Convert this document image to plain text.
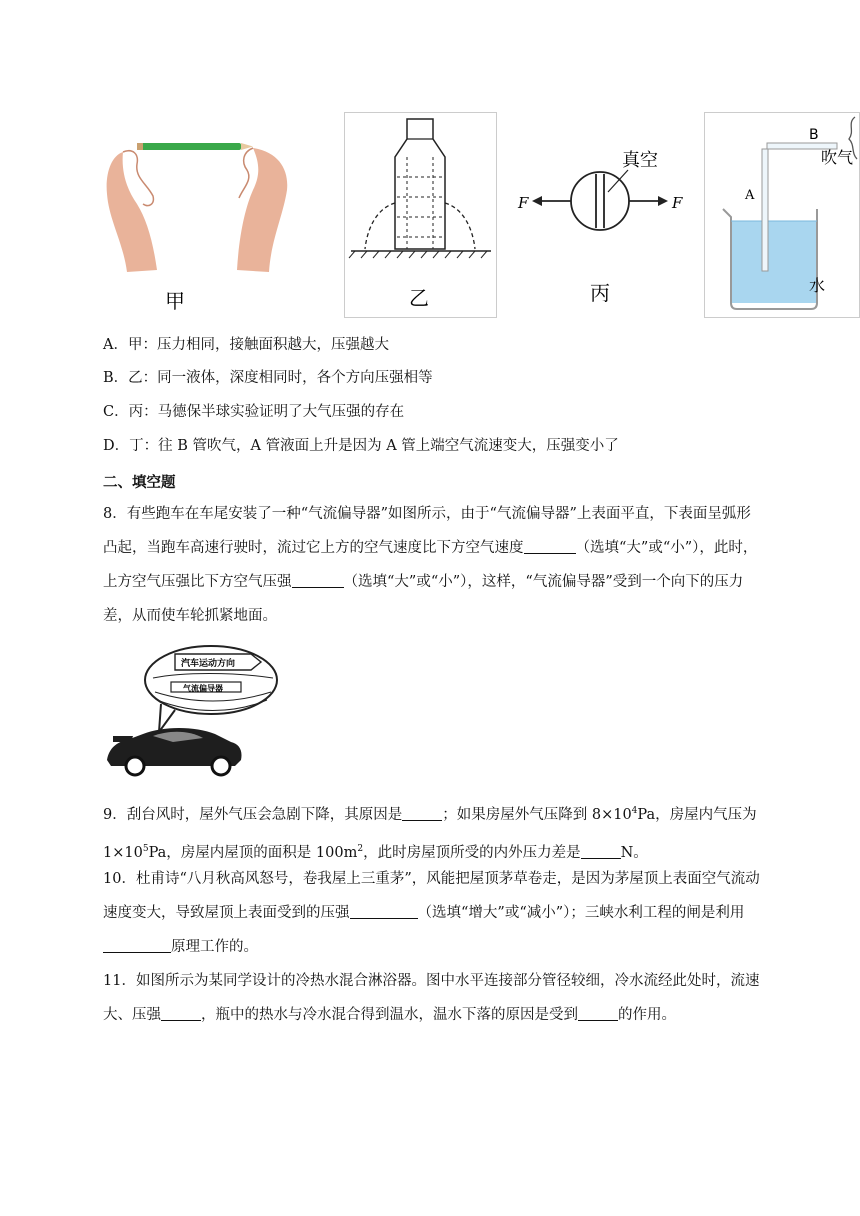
甲	乙
F	F
真空
丙
B
A
吹气
水
A．甲：压力相同，接触面积越大，压强越大
B．乙：同一液体，深度相同时，各个方向压强相等
C．丙：马德保半球实验证明了大气压强的存在
D．丁：往 B 管吹气，A 管液面上升是因为 A 管上端空气流速变大，压强变小了
二、填空题
8．有些跑车在车尾安装了一种“气流偏导器”如图所示，由于“气流偏导器”上表面平直，下表面呈弧形凸起，当跑车高速行驶时，流过它上方的空气速度比下方空气速度	（选填“大”或“小”），此时，上方空气压强比下方空气压强	（选填“大”或“小”），这样，“气流偏导器”受到一个向下的压力差，从而使车轮抓紧地面。
汽车运动方向
气流偏导器
9．刮台风时，屋外气压会急剧下降，其原因是	；如果房屋外气压降到 $8\times 10^4Pa$，房屋内气压为 $1\times 10^5Pa$，房屋内屋顶的面积是 $100m^2$，此时房屋顶所受的内外压力差是	N。
10．杜甫诗“八月秋高风怒号，卷我屋上三重茅”，风能把屋顶茅草卷走，是因为茅屋顶上表面空气流动速度变大，导致屋顶上表面受到的压强	（选填“增大”或“减小”）；三峡水利工程的闸是利用原理工作的。
11．如图所示为某同学设计的冷热水混合淋浴器。图中水平连接部分管径较细，冷水流经此处时，流速大、压强	，瓶中的热水与冷水混合得到温水，温水下落的原因是受到	的作用。
